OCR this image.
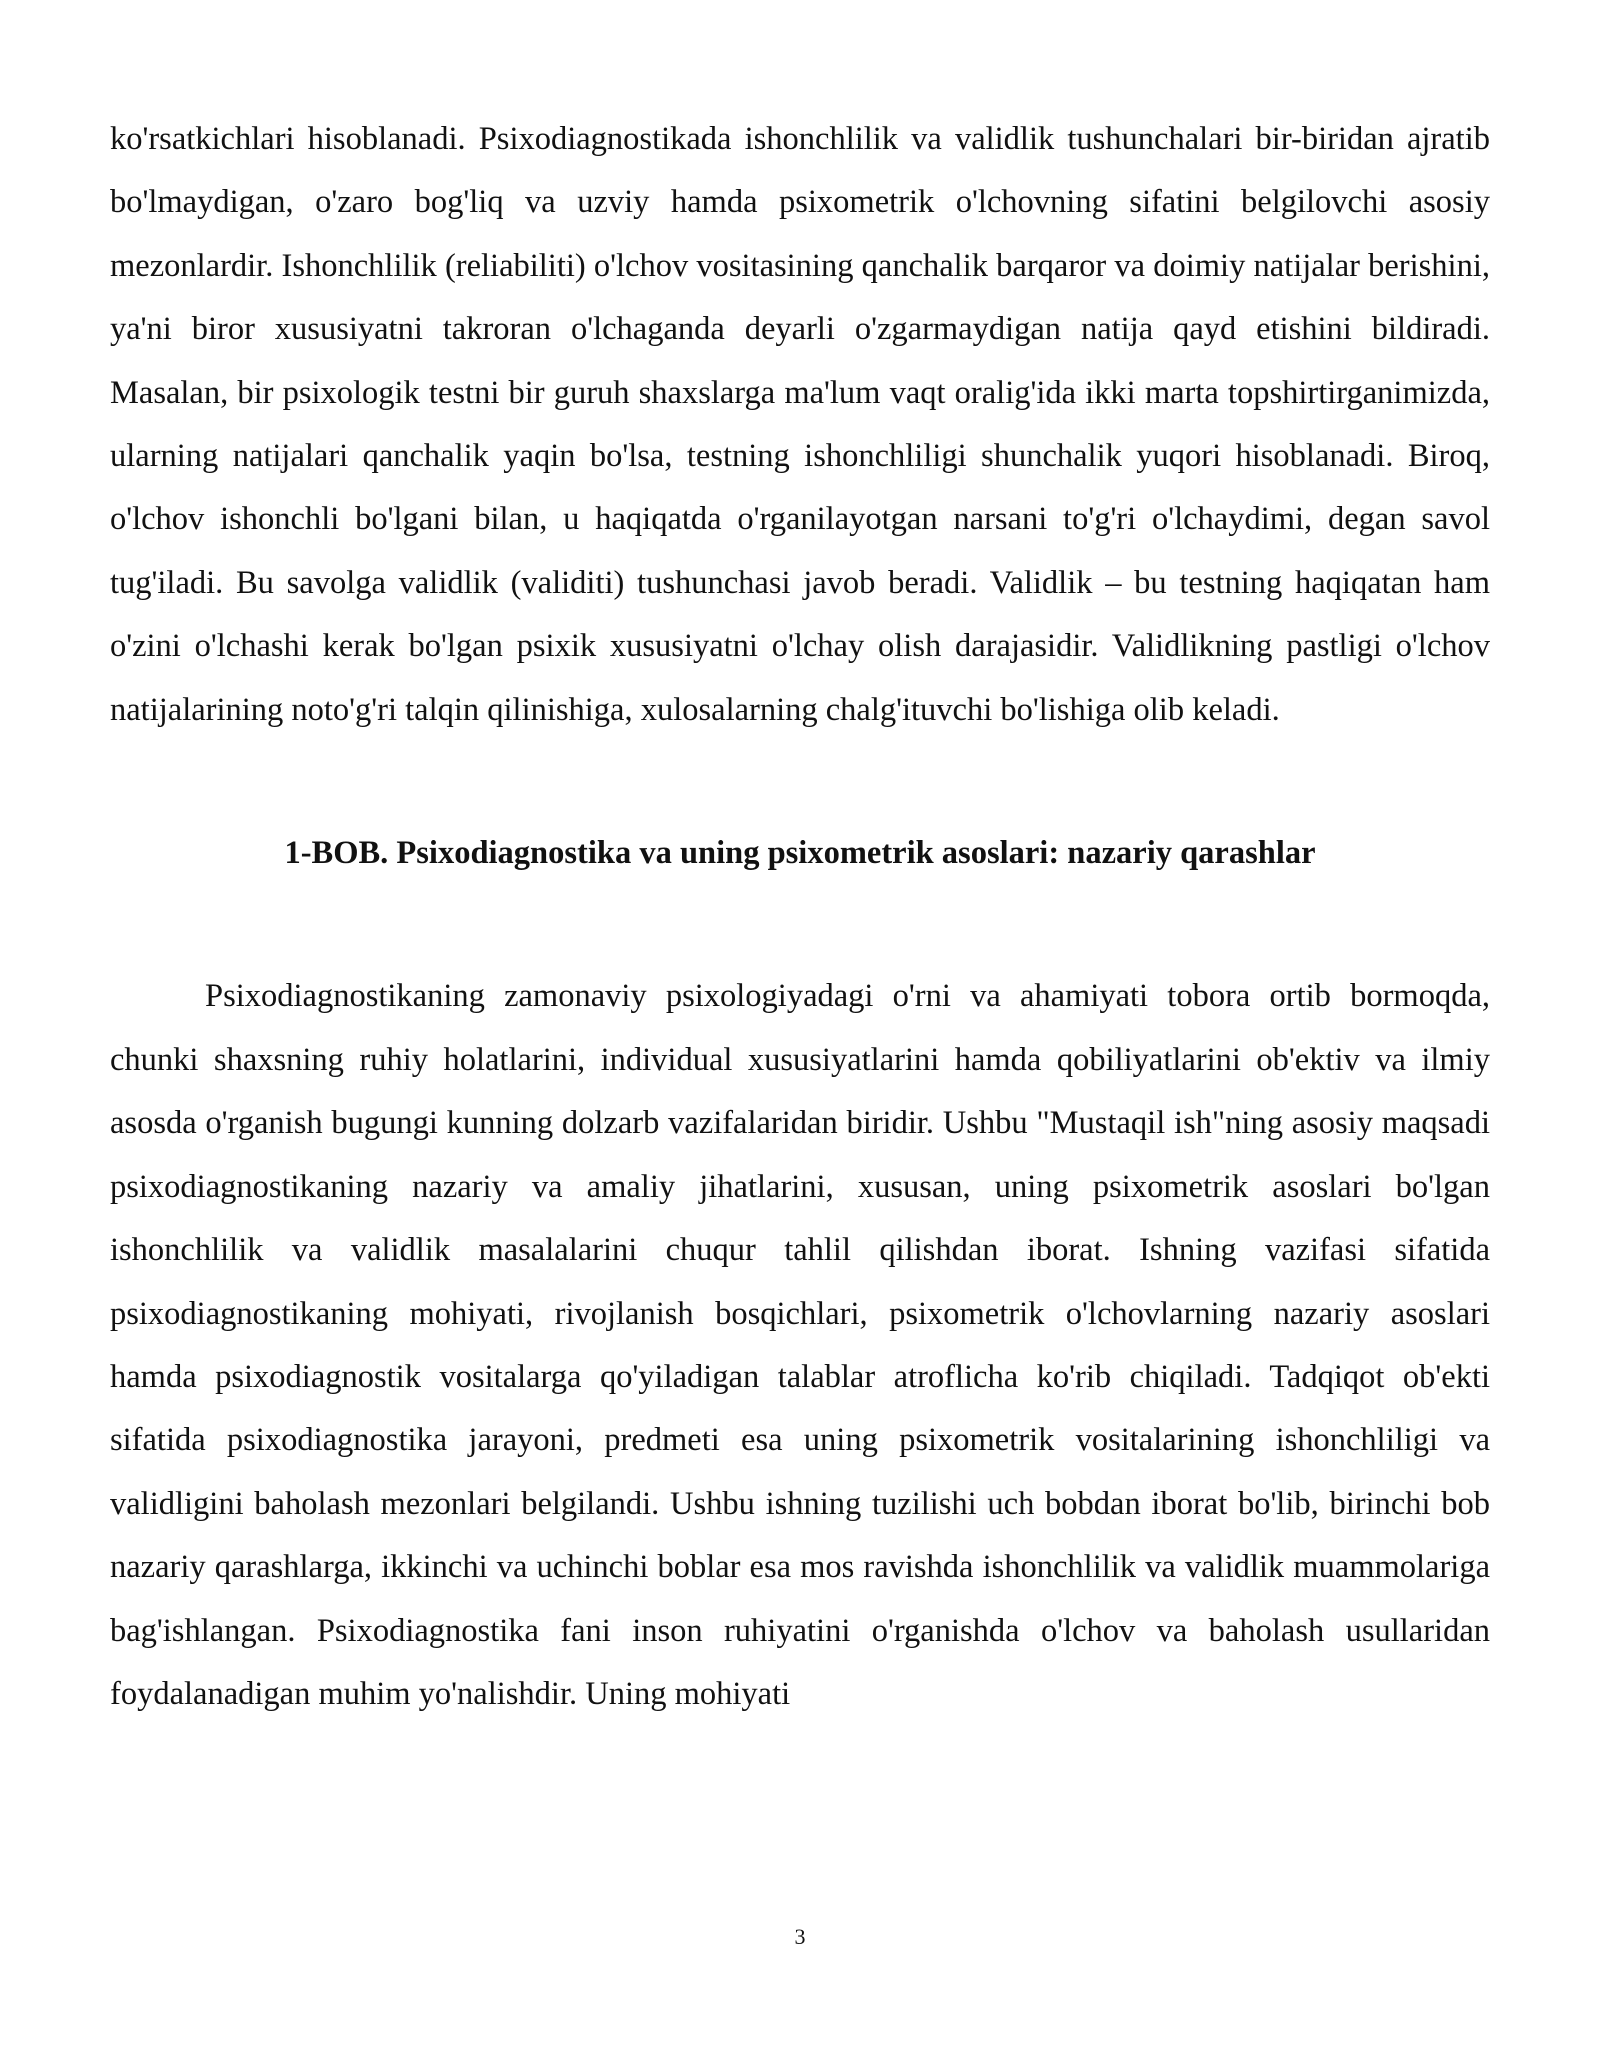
ko'rsatkichlari hisoblanadi. Psixodiagnostikada ishonchlilik va validlik tushunchalari bir-biridan ajratib bo'lmaydigan, o'zaro bog'liq va uzviy hamda psixometrik o'lchovning sifatini belgilovchi asosiy mezonlardir. Ishonchlilik (reliabiliti) o'lchov vositasining qanchalik barqaror va doimiy natijalar berishini, ya'ni biror xususiyatni takroran o'lchaganda deyarli o'zgarmaydigan natija qayd etishini bildiradi. Masalan, bir psixologik testni bir guruh shaxslarga ma'lum vaqt oralig'ida ikki marta topshirtirganimizda, ularning natijalari qanchalik yaqin bo'lsa, testning ishonchliligi shunchalik yuqori hisoblanadi. Biroq, o'lchov ishonchli bo'lgani bilan, u haqiqatda o'rganilayotgan narsani to'g'ri o'lchaydimi, degan savol tug'iladi. Bu savolga validlik (validiti) tushunchasi javob beradi. Validlik – bu testning haqiqatan ham o'zini o'lchashi kerak bo'lgan psixik xususiyatni o'lchay olish darajasidir. Validlikning pastligi o'lchov natijalarining noto'g'ri talqin qilinishiga, xulosalarning chalg'ituvchi bo'lishiga olib keladi.

1-BOB. Psixodiagnostika va uning psixometrik asoslari: nazariy qarashlar

Psixodiagnostikaning zamonaviy psixologiyadagi o'rni va ahamiyati tobora ortib bormoqda, chunki shaxsning ruhiy holatlarini, individual xususiyatlarini hamda qobiliyatlarini ob'ektiv va ilmiy asosda o'rganish bugungi kunning dolzarb vazifalaridan biridir. Ushbu "Mustaqil ish"ning asosiy maqsadi psixodiagnostikaning nazariy va amaliy jihatlarini, xususan, uning psixometrik asoslari bo'lgan ishonchlilik va validlik masalalarini chuqur tahlil qilishdan iborat. Ishning vazifasi sifatida psixodiagnostikaning mohiyati, rivojlanish bosqichlari, psixometrik o'lchovlarning nazariy asoslari hamda psixodiagnostik vositalarga qo'yiladigan talablar atroflicha ko'rib chiqiladi. Tadqiqot ob'ekti sifatida psixodiagnostika jarayoni, predmeti esa uning psixometrik vositalarining ishonchliligi va validligini baholash mezonlari belgilandi. Ushbu ishning tuzilishi uch bobdan iborat bo'lib, birinchi bob nazariy qarashlarga, ikkinchi va uchinchi boblar esa mos ravishda ishonchlilik va validlik muammolariga bag'ishlangan. Psixodiagnostika fani inson ruhiyatini o'rganishda o'lchov va baholash usullaridan foydalanadigan muhim yo'nalishdir. Uning mohiyati

3
